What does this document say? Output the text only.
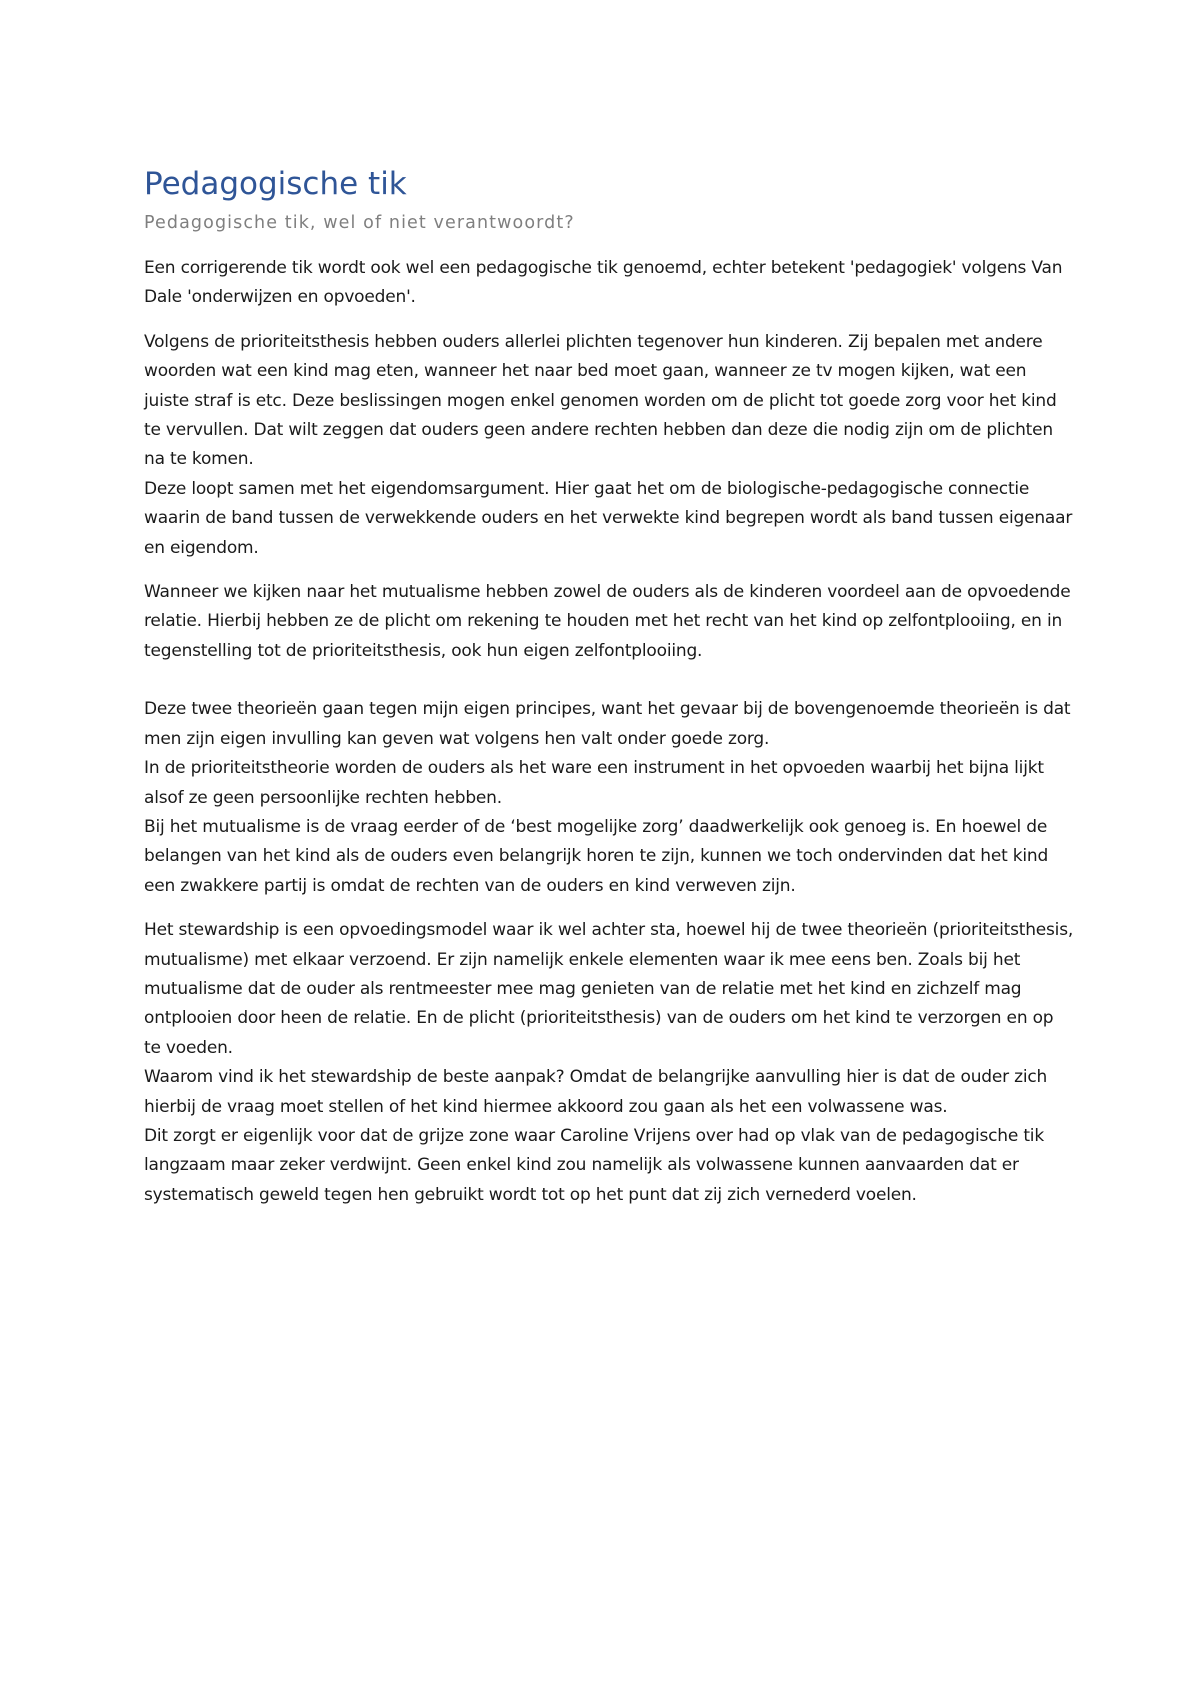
Pedagogische tik
Pedagogische tik, wel of niet verantwoordt?

Een corrigerende tik wordt ook wel een pedagogische tik genoemd, echter betekent 'pedagogiek' volgens Van Dale 'onderwijzen en opvoeden'.

Volgens de prioriteitsthesis hebben ouders allerlei plichten tegenover hun kinderen. Zij bepalen met andere woorden wat een kind mag eten, wanneer het naar bed moet gaan, wanneer ze tv mogen kijken, wat een juiste straf is etc. Deze beslissingen mogen enkel genomen worden om de plicht tot goede zorg voor het kind te vervullen. Dat wilt zeggen dat ouders geen andere rechten hebben dan deze die nodig zijn om de plichten na te komen.

Deze loopt samen met het eigendomsargument. Hier gaat het om de biologische-pedagogische connectie waarin de band tussen de verwekkende ouders en het verwekte kind begrepen wordt als band tussen eigenaar en eigendom.

Wanneer we kijken naar het mutualisme hebben zowel de ouders als de kinderen voordeel aan de opvoedende relatie. Hierbij hebben ze de plicht om rekening te houden met het recht van het kind op zelfontplooiing, en in tegenstelling tot de prioriteitsthesis, ook hun eigen zelfontplooiing.

Deze twee theorieën gaan tegen mijn eigen principes, want het gevaar bij de bovengenoemde theorieën is dat men zijn eigen invulling kan geven wat volgens hen valt onder goede zorg.

In de prioriteitstheorie worden de ouders als het ware een instrument in het opvoeden waarbij het bijna lijkt alsof ze geen persoonlijke rechten hebben.

Bij het mutualisme is de vraag eerder of de ‘best mogelijke zorg’ daadwerkelijk ook genoeg is. En hoewel de belangen van het kind als de ouders even belangrijk horen te zijn, kunnen we toch ondervinden dat het kind een zwakkere partij is omdat de rechten van de ouders en kind verweven zijn.

Het stewardship is een opvoedingsmodel waar ik wel achter sta, hoewel hij de twee theorieën (prioriteitsthesis, mutualisme) met elkaar verzoend. Er zijn namelijk enkele elementen waar ik mee eens ben. Zoals bij het mutualisme dat de ouder als rentmeester mee mag genieten van de relatie met het kind en zichzelf mag ontplooien door heen de relatie. En de plicht (prioriteitsthesis) van de ouders om het kind te verzorgen en op te voeden.

Waarom vind ik het stewardship de beste aanpak? Omdat de belangrijke aanvulling hier is dat de ouder zich hierbij de vraag moet stellen of het kind hiermee akkoord zou gaan als het een volwassene was.

Dit zorgt er eigenlijk voor dat de grijze zone waar Caroline Vrijens over had op vlak van de pedagogische tik langzaam maar zeker verdwijnt. Geen enkel kind zou namelijk als volwassene kunnen aanvaarden dat er systematisch geweld tegen hen gebruikt wordt tot op het punt dat zij zich vernederd voelen.
